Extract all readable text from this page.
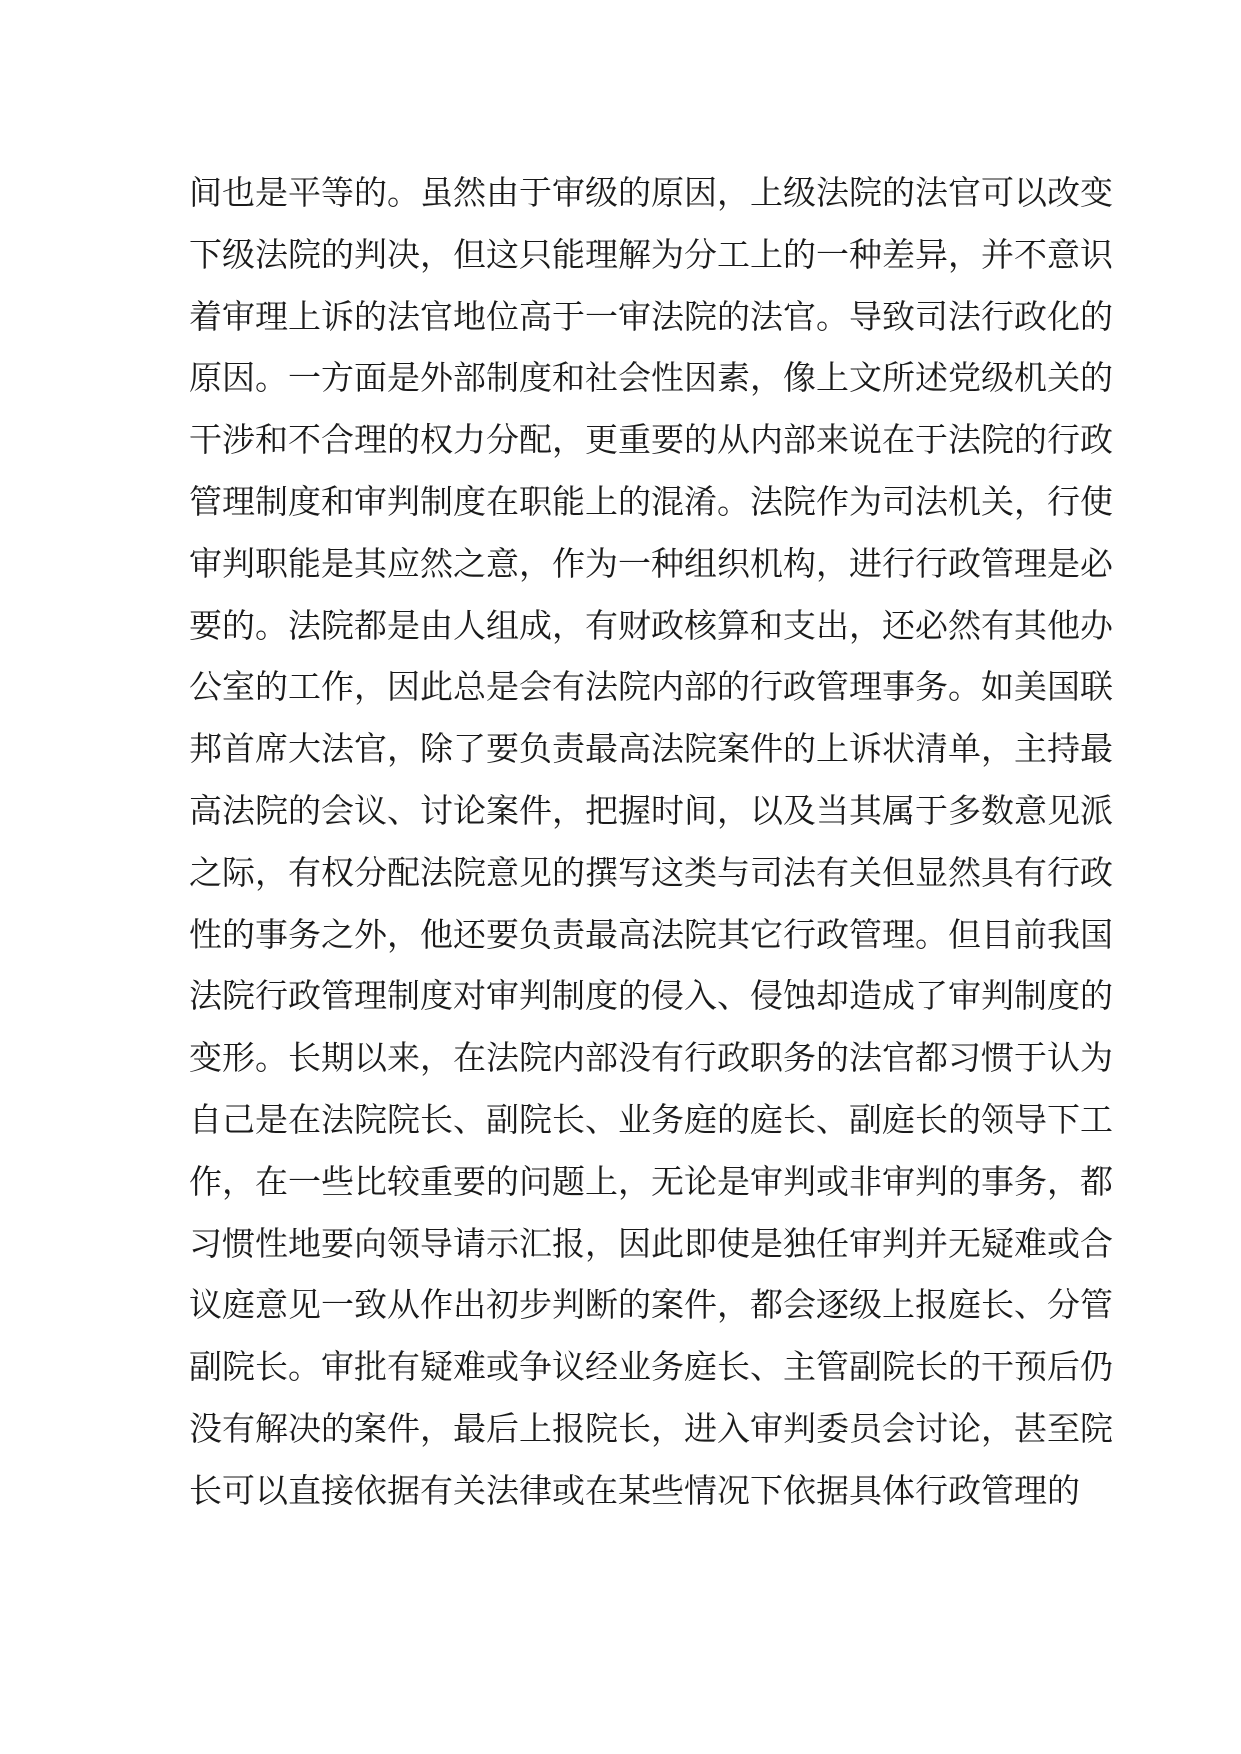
间也是平等的。虽然由于审级的原因，上级法院的法官可以改变
下级法院的判决，但这只能理解为分工上的一种差异，并不意识
着审理上诉的法官地位高于一审法院的法官。导致司法行政化的
原因。一方面是外部制度和社会性因素，像上文所述党级机关的
干涉和不合理的权力分配，更重要的从内部来说在于法院的行政
管理制度和审判制度在职能上的混淆。法院作为司法机关，行使
审判职能是其应然之意，作为一种组织机构，进行行政管理是必
要的。法院都是由人组成，有财政核算和支出，还必然有其他办
公室的工作，因此总是会有法院内部的行政管理事务。如美国联
邦首席大法官，除了要负责最高法院案件的上诉状清单，主持最
高法院的会议、讨论案件，把握时间，以及当其属于多数意见派
之际，有权分配法院意见的撰写这类与司法有关但显然具有行政
性的事务之外，他还要负责最高法院其它行政管理。但目前我国
法院行政管理制度对审判制度的侵入、侵蚀却造成了审判制度的
变形。长期以来，在法院内部没有行政职务的法官都习惯于认为
自己是在法院院长、副院长、业务庭的庭长、副庭长的领导下工
作，在一些比较重要的问题上，无论是审判或非审判的事务，都
习惯性地要向领导请示汇报，因此即使是独任审判并无疑难或合
议庭意见一致从作出初步判断的案件，都会逐级上报庭长、分管
副院长。审批有疑难或争议经业务庭长、主管副院长的干预后仍
没有解决的案件，最后上报院长，进入审判委员会讨论，甚至院
长可以直接依据有关法律或在某些情况下依据具体行政管理的
